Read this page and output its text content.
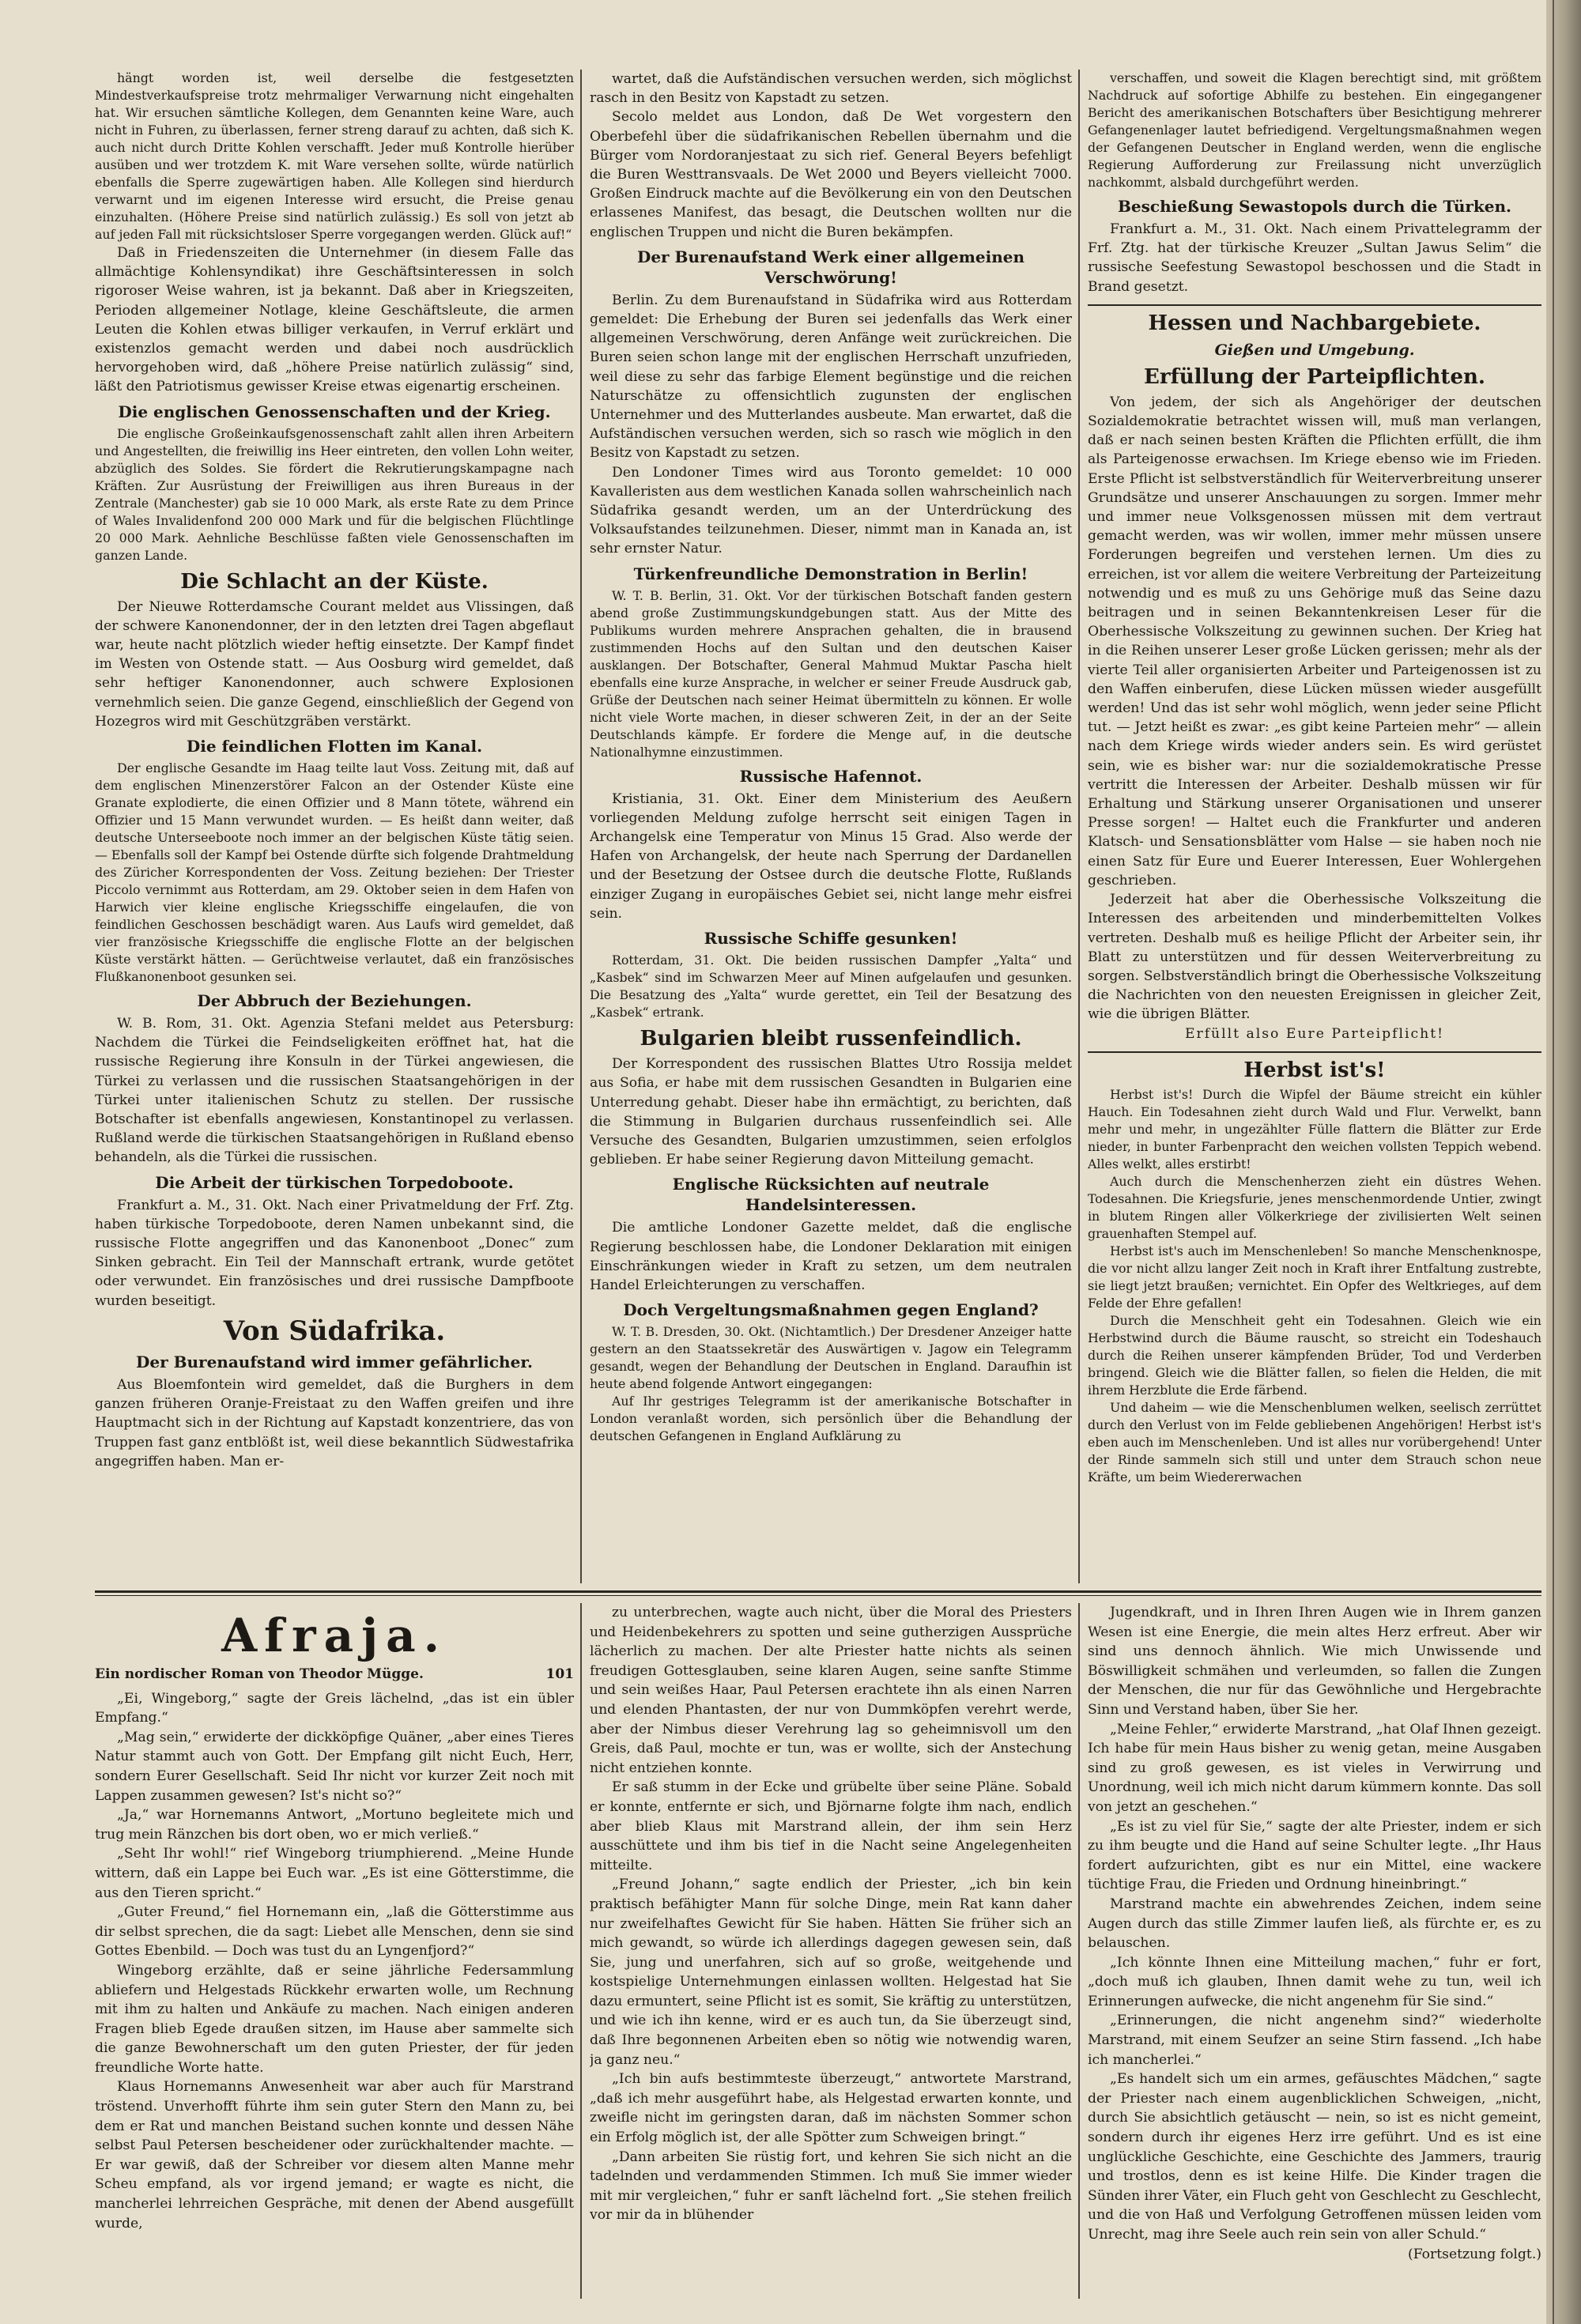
hängt worden ist, weil derselbe die festgesetzten Mindestverkaufspreise trotz mehrmaliger Verwarnung nicht eingehalten hat. Wir ersuchen sämtliche Kollegen, dem Genannten keine Ware, auch nicht in Fuhren, zu überlassen, ferner streng darauf zu achten, daß sich K. auch nicht durch Dritte Kohlen verschafft. Jeder muß Kontrolle hierüber ausüben und wer trotzdem K. mit Ware versehen sollte, würde natürlich ebenfalls die Sperre zugewärtigen haben. Alle Kollegen sind hierdurch verwarnt und im eigenen Interesse wird ersucht, die Preise genau einzuhalten. (Höhere Preise sind natürlich zulässig.) Es soll von jetzt ab auf jeden Fall mit rücksichtsloser Sperre vorgegangen werden. Glück auf!“

Daß in Friedenszeiten die Unternehmer (in diesem Falle das allmächtige Kohlensyndikat) ihre Geschäftsinteressen in solch rigoroser Weise wahren, ist ja bekannt. Daß aber in Kriegszeiten, Perioden allgemeiner Notlage, kleine Geschäftsleute, die armen Leuten die Kohlen etwas billiger verkaufen, in Verruf erklärt und existenzlos gemacht werden und dabei noch ausdrücklich hervorgehoben wird, daß „höhere Preise natürlich zulässig“ sind, läßt den Patriotismus gewisser Kreise etwas eigenartig erscheinen.

Die englischen Genossenschaften und der Krieg.

Die englische Großeinkaufsgenossenschaft zahlt allen ihren Arbeitern und Angestellten, die freiwillig ins Heer eintreten, den vollen Lohn weiter, abzüglich des Soldes. Sie fördert die Rekrutierungskampagne nach Kräften. Zur Ausrüstung der Freiwilligen aus ihren Bureaus in der Zentrale (Manchester) gab sie 10 000 Mark, als erste Rate zu dem Prince of Wales Invalidenfond 200 000 Mark und für die belgischen Flüchtlinge 20 000 Mark. Aehnliche Beschlüsse faßten viele Genossenschaften im ganzen Lande.

Die Schlacht an der Küste.

Der Nieuwe Rotterdamsche Courant meldet aus Vlissingen, daß der schwere Kanonendonner, der in den letzten drei Tagen abgeflaut war, heute nacht plötzlich wieder heftig einsetzte. Der Kampf findet im Westen von Ostende statt. — Aus Oosburg wird gemeldet, daß sehr heftiger Kanonendonner, auch schwere Explosionen vernehmlich seien. Die ganze Gegend, einschließlich der Gegend von Hozegros wird mit Geschützgräben verstärkt.

Die feindlichen Flotten im Kanal.

Der englische Gesandte im Haag teilte laut Voss. Zeitung mit, daß auf dem englischen Minenzerstörer Falcon an der Ostender Küste eine Granate explodierte, die einen Offizier und 8 Mann tötete, während ein Offizier und 15 Mann verwundet wurden. — Es heißt dann weiter, daß deutsche Unterseeboote noch immer an der belgischen Küste tätig seien. — Ebenfalls soll der Kampf bei Ostende dürfte sich folgende Drahtmeldung des Züricher Korrespondenten der Voss. Zeitung beziehen: Der Triester Piccolo vernimmt aus Rotterdam, am 29. Oktober seien in dem Hafen von Harwich vier kleine englische Kriegsschiffe eingelaufen, die von feindlichen Geschossen beschädigt waren. Aus Laufs wird gemeldet, daß vier französische Kriegsschiffe die englische Flotte an der belgischen Küste verstärkt hätten. — Gerüchtweise verlautet, daß ein französisches Flußkanonenboot gesunken sei.

Der Abbruch der Beziehungen.

W. B. Rom, 31. Okt. Agenzia Stefani meldet aus Petersburg: Nachdem die Türkei die Feindseligkeiten eröffnet hat, hat die russische Regierung ihre Konsuln in der Türkei angewiesen, die Türkei zu verlassen und die russischen Staatsangehörigen in der Türkei unter italienischen Schutz zu stellen. Der russische Botschafter ist ebenfalls angewiesen, Konstantinopel zu verlassen. Rußland werde die türkischen Staatsangehörigen in Rußland ebenso behandeln, als die Türkei die russischen.

Die Arbeit der türkischen Torpedoboote.

Frankfurt a. M., 31. Okt. Nach einer Privatmeldung der Frf. Ztg. haben türkische Torpedoboote, deren Namen unbekannt sind, die russische Flotte angegriffen und das Kanonenboot „Donec“ zum Sinken gebracht. Ein Teil der Mannschaft ertrank, wurde getötet oder verwundet. Ein französisches und drei russische Dampfboote wurden beseitigt.

Von Südafrika.
Der Burenaufstand wird immer gefährlicher.

Aus Bloemfontein wird gemeldet, daß die Burghers in dem ganzen früheren Oranje-Freistaat zu den Waffen greifen und ihre Hauptmacht sich in der Richtung auf Kapstadt konzentriere, das von Truppen fast ganz entblößt ist, weil diese bekanntlich Südwestafrika angegriffen haben. Man er-

wartet, daß die Aufständischen versuchen werden, sich möglichst rasch in den Besitz von Kapstadt zu setzen.

Secolo meldet aus London, daß De Wet vorgestern den Oberbefehl über die südafrikanischen Rebellen übernahm und die Bürger vom Nordoranjestaat zu sich rief. General Beyers befehligt die Buren Westtransvaals. De Wet 2000 und Beyers vielleicht 7000. Großen Eindruck machte auf die Bevölkerung ein von den Deutschen erlassenes Manifest, das besagt, die Deutschen wollten nur die englischen Truppen und nicht die Buren bekämpfen.

Der Burenaufstand Werk einer allgemeinen Verschwörung!

Berlin. Zu dem Burenaufstand in Südafrika wird aus Rotterdam gemeldet: Die Erhebung der Buren sei jedenfalls das Werk einer allgemeinen Verschwörung, deren Anfänge weit zurückreichen. Die Buren seien schon lange mit der englischen Herrschaft unzufrieden, weil diese zu sehr das farbige Element begünstige und die reichen Naturschätze zu offensichtlich zugunsten der englischen Unternehmer und des Mutterlandes ausbeute. Man erwartet, daß die Aufständischen versuchen werden, sich so rasch wie möglich in den Besitz von Kapstadt zu setzen.

Den Londoner Times wird aus Toronto gemeldet: 10 000 Kavalleristen aus dem westlichen Kanada sollen wahrscheinlich nach Südafrika gesandt werden, um an der Unterdrückung des Volksaufstandes teilzunehmen. Dieser, nimmt man in Kanada an, ist sehr ernster Natur.

Türkenfreundliche Demonstration in Berlin!

W. T. B. Berlin, 31. Okt. Vor der türkischen Botschaft fanden gestern abend große Zustimmungskundgebungen statt. Aus der Mitte des Publikums wurden mehrere Ansprachen gehalten, die in brausend zustimmenden Hochs auf den Sultan und den deutschen Kaiser ausklangen. Der Botschafter, General Mahmud Muktar Pascha hielt ebenfalls eine kurze Ansprache, in welcher er seiner Freude Ausdruck gab, Grüße der Deutschen nach seiner Heimat übermitteln zu können. Er wolle nicht viele Worte machen, in dieser schweren Zeit, in der an der Seite Deutschlands kämpfe. Er fordere die Menge auf, in die deutsche Nationalhymne einzustimmen.

Russische Hafennot.

Kristiania, 31. Okt. Einer dem Ministerium des Aeußern vorliegenden Meldung zufolge herrscht seit einigen Tagen in Archangelsk eine Temperatur von Minus 15 Grad. Also werde der Hafen von Archangelsk, der heute nach Sperrung der Dardanellen und der Besetzung der Ostsee durch die deutsche Flotte, Rußlands einziger Zugang in europäisches Gebiet sei, nicht lange mehr eisfrei sein.

Russische Schiffe gesunken!

Rotterdam, 31. Okt. Die beiden russischen Dampfer „Yalta“ und „Kasbek“ sind im Schwarzen Meer auf Minen aufgelaufen und gesunken. Die Besatzung des „Yalta“ wurde gerettet, ein Teil der Besatzung des „Kasbek“ ertrank.

Bulgarien bleibt russenfeindlich.

Der Korrespondent des russischen Blattes Utro Rossija meldet aus Sofia, er habe mit dem russischen Gesandten in Bulgarien eine Unterredung gehabt. Dieser habe ihn ermächtigt, zu berichten, daß die Stimmung in Bulgarien durchaus russenfeindlich sei. Alle Versuche des Gesandten, Bulgarien umzustimmen, seien erfolglos geblieben. Er habe seiner Regierung davon Mitteilung gemacht.

Englische Rücksichten auf neutrale Handelsinteressen.

Die amtliche Londoner Gazette meldet, daß die englische Regierung beschlossen habe, die Londoner Deklaration mit einigen Einschränkungen wieder in Kraft zu setzen, um dem neutralen Handel Erleichterungen zu verschaffen.

Doch Vergeltungsmaßnahmen gegen England?

W. T. B. Dresden, 30. Okt. (Nichtamtlich.) Der Dresdener Anzeiger hatte gestern an den Staatssekretär des Auswärtigen v. Jagow ein Telegramm gesandt, wegen der Behandlung der Deutschen in England. Daraufhin ist heute abend folgende Antwort eingegangen:

Auf Ihr gestriges Telegramm ist der amerikanische Botschafter in London veranlaßt worden, sich persönlich über die Behandlung der deutschen Gefangenen in England Aufklärung zu

verschaffen, und soweit die Klagen berechtigt sind, mit größtem Nachdruck auf sofortige Abhilfe zu bestehen. Ein eingegangener Bericht des amerikanischen Botschafters über Besichtigung mehrerer Gefangenenlager lautet befriedigend. Vergeltungsmaßnahmen wegen der Gefangenen Deutscher in England werden, wenn die englische Regierung Aufforderung zur Freilassung nicht unverzüglich nachkommt, alsbald durchgeführt werden.

Beschießung Sewastopols durch die Türken.

Frankfurt a. M., 31. Okt. Nach einem Privattelegramm der Frf. Ztg. hat der türkische Kreuzer „Sultan Jawus Selim“ die russische Seefestung Sewastopol beschossen und die Stadt in Brand gesetzt.

Hessen und Nachbargebiete.
Gießen und Umgebung.
Erfüllung der Parteipflichten.

Von jedem, der sich als Angehöriger der deutschen Sozialdemokratie betrachtet wissen will, muß man verlangen, daß er nach seinen besten Kräften die Pflichten erfüllt, die ihm als Parteigenosse erwachsen. Im Kriege ebenso wie im Frieden. Erste Pflicht ist selbstverständlich für Weiterverbreitung unserer Grundsätze und unserer Anschauungen zu sorgen. Immer mehr und immer neue Volksgenossen müssen mit dem vertraut gemacht werden, was wir wollen, immer mehr müssen unsere Forderungen begreifen und verstehen lernen. Um dies zu erreichen, ist vor allem die weitere Verbreitung der Parteizeitung notwendig und es muß zu uns Gehörige muß das Seine dazu beitragen und in seinen Bekanntenkreisen Leser für die Oberhessische Volkszeitung zu gewinnen suchen. Der Krieg hat in die Reihen unserer Leser große Lücken gerissen; mehr als der vierte Teil aller organisierten Arbeiter und Parteigenossen ist zu den Waffen einberufen, diese Lücken müssen wieder ausgefüllt werden! Und das ist sehr wohl möglich, wenn jeder seine Pflicht tut. — Jetzt heißt es zwar: „es gibt keine Parteien mehr“ — allein nach dem Kriege wirds wieder anders sein. Es wird gerüstet sein, wie es bisher war: nur die sozialdemokratische Presse vertritt die Interessen der Arbeiter. Deshalb müssen wir für Erhaltung und Stärkung unserer Organisationen und unserer Presse sorgen! — Haltet euch die Frankfurter und anderen Klatsch- und Sensationsblätter vom Halse — sie haben noch nie einen Satz für Eure und Euerer Interessen, Euer Wohlergehen geschrieben.

Jederzeit hat aber die Oberhessische Volkszeitung die Interessen des arbeitenden und minderbemittelten Volkes vertreten. Deshalb muß es heilige Pflicht der Arbeiter sein, ihr Blatt zu unterstützen und für dessen Weiterverbreitung zu sorgen. Selbstverständlich bringt die Oberhessische Volkszeitung die Nachrichten von den neuesten Ereignissen in gleicher Zeit, wie die übrigen Blätter.

Erfüllt also Eure Parteipflicht!

Herbst ist's!

Herbst ist's! Durch die Wipfel der Bäume streicht ein kühler Hauch. Ein Todesahnen zieht durch Wald und Flur. Verwelkt, bann mehr und mehr, in ungezählter Fülle flattern die Blätter zur Erde nieder, in bunter Farbenpracht den weichen vollsten Teppich webend. Alles welkt, alles erstirbt!

Auch durch die Menschenherzen zieht ein düstres Wehen. Todesahnen. Die Kriegsfurie, jenes menschenmordende Untier, zwingt in blutem Ringen aller Völkerkriege der zivilisierten Welt seinen grauenhaften Stempel auf.

Herbst ist's auch im Menschenleben! So manche Menschenknospe, die vor nicht allzu langer Zeit noch in Kraft ihrer Entfaltung zustrebte, sie liegt jetzt braußen; vernichtet. Ein Opfer des Weltkrieges, auf dem Felde der Ehre gefallen!

Durch die Menschheit geht ein Todesahnen. Gleich wie ein Herbstwind durch die Bäume rauscht, so streicht ein Todeshauch durch die Reihen unserer kämpfenden Brüder, Tod und Verderben bringend. Gleich wie die Blätter fallen, so fielen die Helden, die mit ihrem Herzblute die Erde färbend.

Und daheim — wie die Menschenblumen welken, seelisch zerrüttet durch den Verlust von im Felde gebliebenen Angehörigen! Herbst ist's eben auch im Menschenleben. Und ist alles nur vorübergehend! Unter der Rinde sammeln sich still und unter dem Strauch schon neue Kräfte, um beim Wiedererwachen

Afraja.
Ein nordischer Roman von Theodor Mügge.	101

„Ei, Wingeborg,“ sagte der Greis lächelnd, „das ist ein übler Empfang.“

„Mag sein,“ erwiderte der dickköpfige Quäner, „aber eines Tieres Natur stammt auch von Gott. Der Empfang gilt nicht Euch, Herr, sondern Eurer Gesellschaft. Seid Ihr nicht vor kurzer Zeit noch mit Lappen zusammen gewesen? Ist's nicht so?“

„Ja,“ war Hornemanns Antwort, „Mortuno begleitete mich und trug mein Ränzchen bis dort oben, wo er mich verließ.“

„Seht Ihr wohl!“ rief Wingeborg triumphierend. „Meine Hunde wittern, daß ein Lappe bei Euch war. „Es ist eine Götterstimme, die aus den Tieren spricht.“

„Guter Freund,“ fiel Hornemann ein, „laß die Götterstimme aus dir selbst sprechen, die da sagt: Liebet alle Menschen, denn sie sind Gottes Ebenbild. — Doch was tust du an Lyngenfjord?“

Wingeborg erzählte, daß er seine jährliche Federsammlung abliefern und Helgestads Rückkehr erwarten wolle, um Rechnung mit ihm zu halten und Ankäufe zu machen. Nach einigen anderen Fragen blieb Egede draußen sitzen, im Hause aber sammelte sich die ganze Bewohnerschaft um den guten Priester, der für jeden freundliche Worte hatte.

Klaus Hornemanns Anwesenheit war aber auch für Marstrand tröstend. Unverhofft führte ihm sein guter Stern den Mann zu, bei dem er Rat und manchen Beistand suchen konnte und dessen Nähe selbst Paul Petersen bescheidener oder zurückhaltender machte. — Er war gewiß, daß der Schreiber vor diesem alten Manne mehr Scheu empfand, als vor irgend jemand; er wagte es nicht, die mancherlei lehrreichen Gespräche, mit denen der Abend ausgefüllt wurde,

zu unterbrechen, wagte auch nicht, über die Moral des Priesters und Heidenbekehrers zu spotten und seine gutherzigen Aussprüche lächerlich zu machen. Der alte Priester hatte nichts als seinen freudigen Gottesglauben, seine klaren Augen, seine sanfte Stimme und sein weißes Haar, Paul Petersen erachtete ihn als einen Narren und elenden Phantasten, der nur von Dummköpfen verehrt werde, aber der Nimbus dieser Verehrung lag so geheimnisvoll um den Greis, daß Paul, mochte er tun, was er wollte, sich der Anstechung nicht entziehen konnte.

Er saß stumm in der Ecke und grübelte über seine Pläne. Sobald er konnte, entfernte er sich, und Björnarne folgte ihm nach, endlich aber blieb Klaus mit Marstrand allein, der ihm sein Herz ausschüttete und ihm bis tief in die Nacht seine Angelegenheiten mitteilte.

„Freund Johann,“ sagte endlich der Priester, „ich bin kein praktisch befähigter Mann für solche Dinge, mein Rat kann daher nur zweifelhaftes Gewicht für Sie haben. Hätten Sie früher sich an mich gewandt, so würde ich allerdings dagegen gewesen sein, daß Sie, jung und unerfahren, sich auf so große, weitgehende und kostspielige Unternehmungen einlassen wollten. Helgestad hat Sie dazu ermuntert, seine Pflicht ist es somit, Sie kräftig zu unterstützen, und wie ich ihn kenne, wird er es auch tun, da Sie überzeugt sind, daß Ihre begonnenen Arbeiten eben so nötig wie notwendig waren, ja ganz neu.“

„Ich bin aufs bestimmteste überzeugt,“ antwortete Marstrand, „daß ich mehr ausgeführt habe, als Helgestad erwarten konnte, und zweifle nicht im geringsten daran, daß im nächsten Sommer schon ein Erfolg möglich ist, der alle Spötter zum Schweigen bringt.“

„Dann arbeiten Sie rüstig fort, und kehren Sie sich nicht an die tadelnden und verdammenden Stimmen. Ich muß Sie immer wieder mit mir vergleichen,“ fuhr er sanft lächelnd fort. „Sie stehen freilich vor mir da in blühender

Jugendkraft, und in Ihren Ihren Augen wie in Ihrem ganzen Wesen ist eine Energie, die mein altes Herz erfreut. Aber wir sind uns dennoch ähnlich. Wie mich Unwissende und Böswilligkeit schmähen und verleumden, so fallen die Zungen der Menschen, die nur für das Gewöhnliche und Hergebrachte Sinn und Verstand haben, über Sie her.

„Meine Fehler,“ erwiderte Marstrand, „hat Olaf Ihnen gezeigt. Ich habe für mein Haus bisher zu wenig getan, meine Ausgaben sind zu groß gewesen, es ist vieles in Verwirrung und Unordnung, weil ich mich nicht darum kümmern konnte. Das soll von jetzt an geschehen.“

„Es ist zu viel für Sie,“ sagte der alte Priester, indem er sich zu ihm beugte und die Hand auf seine Schulter legte. „Ihr Haus fordert aufzurichten, gibt es nur ein Mittel, eine wackere tüchtige Frau, die Frieden und Ordnung hineinbringt.“

Marstrand machte ein abwehrendes Zeichen, indem seine Augen durch das stille Zimmer laufen ließ, als fürchte er, es zu belauschen.

„Ich könnte Ihnen eine Mitteilung machen,“ fuhr er fort, „doch muß ich glauben, Ihnen damit wehe zu tun, weil ich Erinnerungen aufwecke, die nicht angenehm für Sie sind.“

„Erinnerungen, die nicht angenehm sind?“ wiederholte Marstrand, mit einem Seufzer an seine Stirn fassend. „Ich habe ich mancherlei.“

„Es handelt sich um ein armes, gefäuschtes Mädchen,“ sagte der Priester nach einem augenblicklichen Schweigen, „nicht, durch Sie absichtlich getäuscht — nein, so ist es nicht gemeint, sondern durch ihr eigenes Herz irre geführt. Und es ist eine unglückliche Geschichte, eine Geschichte des Jammers, traurig und trostlos, denn es ist keine Hilfe. Die Kinder tragen die Sünden ihrer Väter, ein Fluch geht von Geschlecht zu Geschlecht, und die von Haß und Verfolgung Getroffenen müssen leiden vom Unrecht, mag ihre Seele auch rein sein von aller Schuld.“

(Fortsetzung folgt.)
